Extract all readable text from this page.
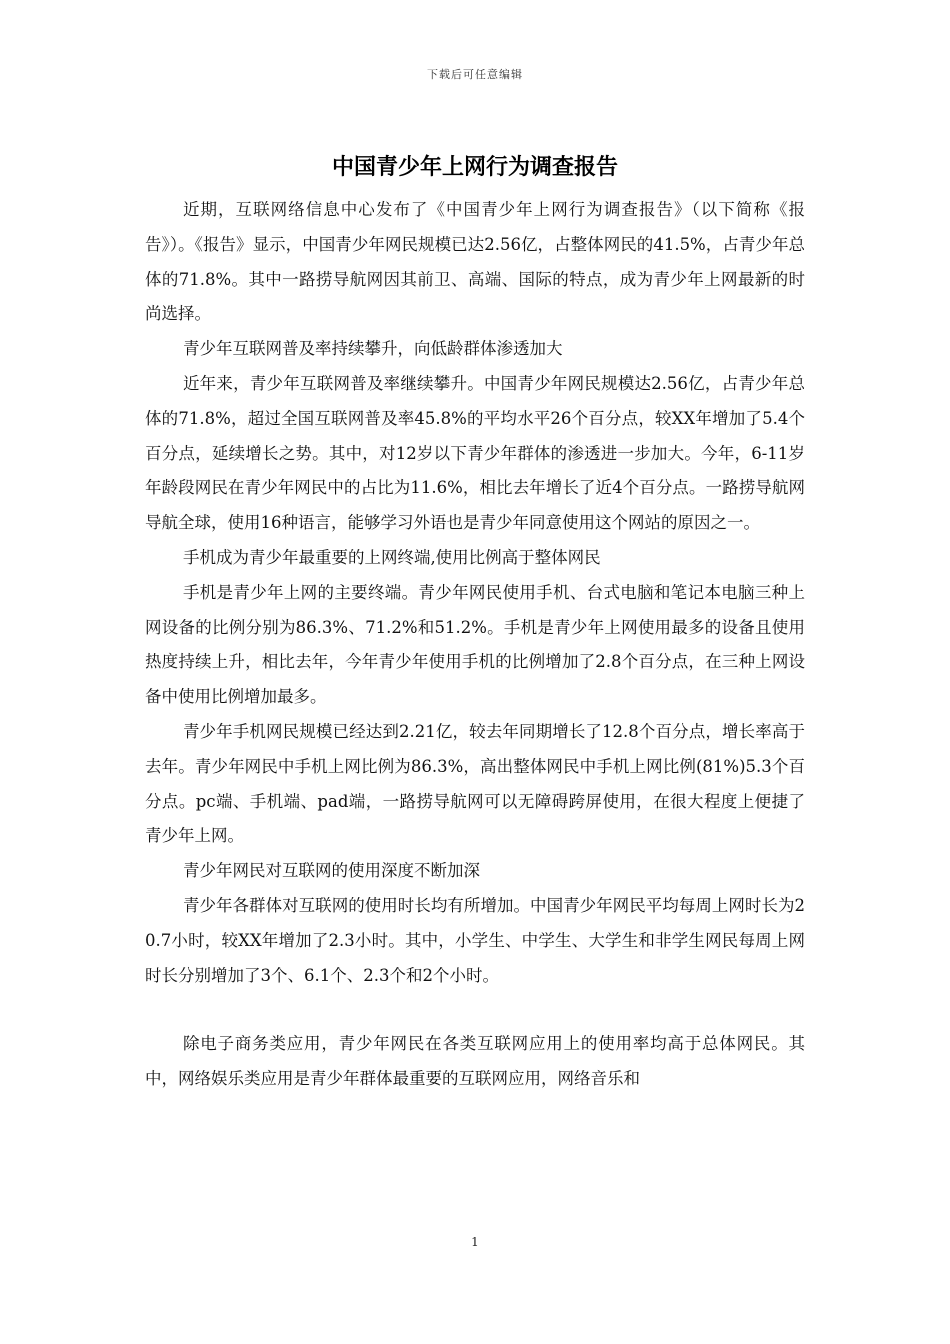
下载后可任意编辑
中国青少年上网行为调查报告

近期，互联网络信息中心发布了《中国青少年上网行为调查报告》（以下简称《报告》）。《报告》显示，中国青少年网民规模已达2.56亿，占整体网民的41.5%，占青少年总体的71.8%。其中一路捞导航网因其前卫、高端、国际的特点，成为青少年上网最新的时尚选择。

青少年互联网普及率持续攀升，向低龄群体渗透加大

近年来，青少年互联网普及率继续攀升。中国青少年网民规模达2.56亿，占青少年总体的71.8%，超过全国互联网普及率45.8%的平均水平26个百分点，较XX年增加了5.4个百分点，延续增长之势。其中，对12岁以下青少年群体的渗透进一步加大。今年，6-11岁年龄段网民在青少年网民中的占比为11.6%，相比去年增长了近4个百分点。一路捞导航网导航全球，使用16种语言，能够学习外语也是青少年同意使用这个网站的原因之一。

手机成为青少年最重要的上网终端,使用比例高于整体网民

手机是青少年上网的主要终端。青少年网民使用手机、台式电脑和笔记本电脑三种上网设备的比例分别为86.3%、71.2%和51.2%。手机是青少年上网使用最多的设备且使用热度持续上升，相比去年，今年青少年使用手机的比例增加了2.8个百分点，在三种上网设备中使用比例增加最多。

青少年手机网民规模已经达到2.21亿，较去年同期增长了12.8个百分点，增长率高于去年。青少年网民中手机上网比例为86.3%，高出整体网民中手机上网比例(81%)5.3个百分点。pc端、手机端、pad端，一路捞导航网可以无障碍跨屏使用，在很大程度上便捷了青少年上网。

青少年网民对互联网的使用深度不断加深

青少年各群体对互联网的使用时长均有所增加。中国青少年网民平均每周上网时长为20.7小时，较XX年增加了2.3小时。其中，小学生、中学生、大学生和非学生网民每周上网时长分别增加了3个、6.1个、2.3个和2个小时。

除电子商务类应用，青少年网民在各类互联网应用上的使用率均高于总体网民。其中，网络娱乐类应用是青少年群体最重要的互联网应用，网络音乐和

1
